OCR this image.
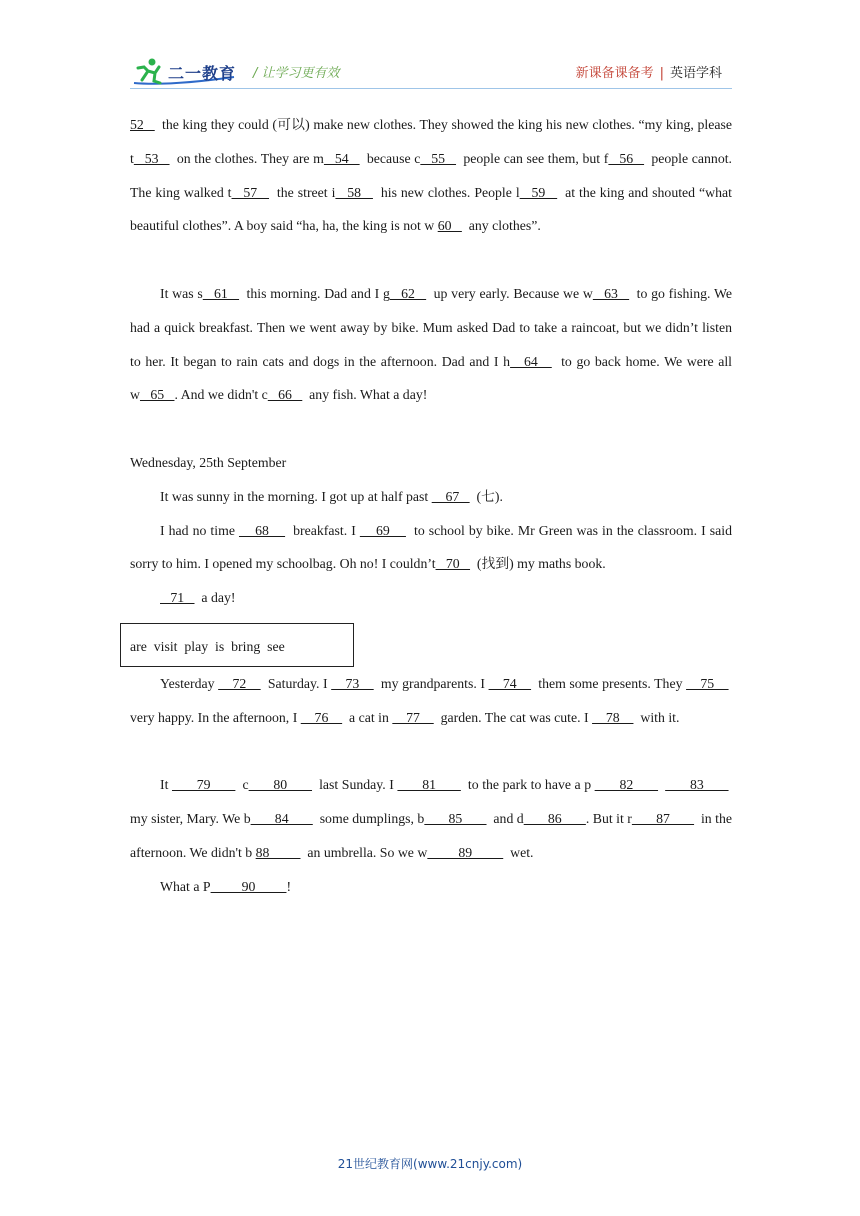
二一教育 / 让学习更有效	新课备课备考 | 英语学科

52     the king they could (可以) make new clothes. They showed the king his new clothes. “my king, please t   53     on the clothes. They are m   54     because c   55     people can see them, but f   56     people cannot. The king walked t   57     the street i   58     his new clothes. People l   59     at the king and shouted “what beautiful clothes”. A boy said “ha, ha, the king is not w 60     any clothes”.

It was s   61     this morning. Dad and I g   62     up very early. Because we w   63     to go fishing. We had a quick breakfast. Then we went away by bike. Mum asked Dad to take a raincoat, but we didn’t listen to her. It began to rain cats and dogs in the afternoon. Dad and I h   64     to go back home. We were all w   65   . And we didn't c   66     any fish. What a day!

Wednesday, 25th September

It was sunny in the morning. I got up at half past     67     (七).

I had no time     68      breakfast. I     69      to school by bike. Mr Green was in the classroom. I said sorry to him. I opened my schoolbag. Oh no! I couldn’t   70     (找到) my maths book.

71     a day!

are  visit  play  is  bring  see

Yesterday     72      Saturday. I     73      my grandparents. I     74      them some presents. They     75      very happy. In the afternoon, I     76      a cat in     77      garden. The cat was cute. I     78      with it.

It        79         c       80         last Sunday. I        81         to the park to have a p        82                83         my sister, Mary. We b       84         some dumplings, b       85         and d       86       . But it r       87         in the afternoon. We didn't b 88           an umbrella. So we w         89           wet.

What a P         90         !

21世纪教育网(www.21cnjy.com)
